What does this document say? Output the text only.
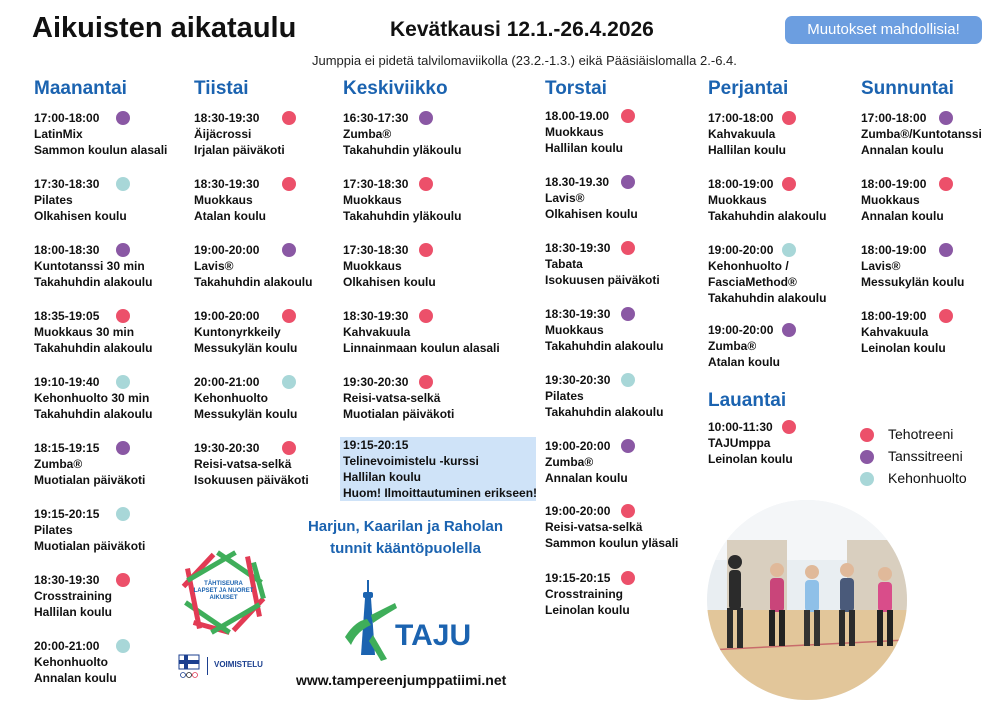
Aikuisten aikataulu	Kevätkausi 12.1.-26.4.2026	Muutokset mahdollisia!
Jumppia ei pidetä talvilomaviikolla (23.2.-1.3.) eikä Pääsiäislomalla 2.-6.4.
Maanantai
17:00-18:00
LatinMix
Sammon koulun alasali
17:30-18:30
Pilates
Olkahisen koulu
18:00-18:30
Kuntotanssi 30 min
Takahuhdin alakoulu
18:35-19:05
Muokkaus 30 min
Takahuhdin alakoulu
19:10-19:40
Kehonhuolto 30 min
Takahuhdin alakoulu
18:15-19:15
Zumba®
Muotialan päiväkoti
19:15-20:15
Pilates
Muotialan päiväkoti
18:30-19:30
Crosstraining
Hallilan koulu
20:00-21:00
Kehonhuolto
Annalan koulu
Tiistai
18:30-19:30
Äijäcrossi
Irjalan päiväkoti
18:30-19:30
Muokkaus
Atalan koulu
19:00-20:00
Lavis®
Takahuhdin alakoulu
19:00-20:00
Kuntonyrkkeily
Messukylän koulu
20:00-21:00
Kehonhuolto
Messukylän koulu
19:30-20:30
Reisi-vatsa-selkä
Isokuusen päiväkoti
Keskiviikko
16:30-17:30
Zumba®
Takahuhdin yläkoulu
17:30-18:30
Muokkaus
Takahuhdin yläkoulu
17:30-18:30
Muokkaus
Olkahisen koulu
18:30-19:30
Kahvakuula
Linnainmaan koulun alasali
19:30-20:30
Reisi-vatsa-selkä
Muotialan päiväkoti
19:15-20:15
Telinevoimistelu -kurssi
Hallilan koulu
Huom! Ilmoittautuminen erikseen!
Torstai
18.00-19.00
Muokkaus
Hallilan koulu
18.30-19.30
Lavis®
Olkahisen koulu
18:30-19:30
Tabata
Isokuusen päiväkoti
18:30-19:30
Muokkaus
Takahuhdin alakoulu
19:30-20:30
Pilates
Takahuhdin alakoulu
19:00-20:00
Zumba®
Annalan koulu
19:00-20:00
Reisi-vatsa-selkä
Sammon koulun yläsali
19:15-20:15
Crosstraining
Leinolan koulu
Perjantai
17:00-18:00
Kahvakuula
Hallilan koulu
18:00-19:00
Muokkaus
Takahuhdin alakoulu
19:00-20:00
Kehonhuolto /
FasciaMethod®
Takahuhdin alakoulu
19:00-20:00
Zumba®
Atalan koulu
Lauantai
10:00-11:30
TAJUmppa
Leinolan koulu
Sunnuntai
17:00-18:00
Zumba®/Kuntotanssi
Annalan koulu
18:00-19:00
Muokkaus
Annalan koulu
18:00-19:00
Lavis®
Messukylän koulu
18:00-19:00
Kahvakuula
Leinolan koulu
Tehotreeni
Tanssitreeni
Kehonhuolto
Harjun, Kaarilan ja Raholan
tunnit kääntöpuolella
TÄHTISEURA
LAPSET JA NUORET
AIKUISET
VOIMISTELU
TAJU
www.tampereenjumppatiimi.net
